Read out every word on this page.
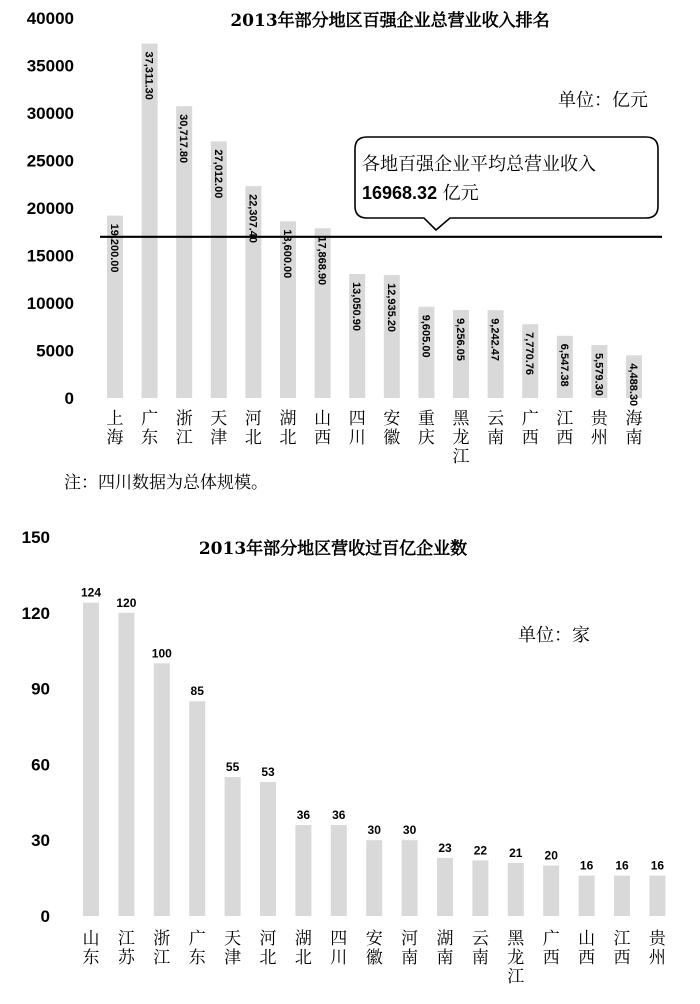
2013年部分地区百强企业总营业收入排名
0
5000
10000
15000
20000
25000
30000
35000
40000
单位：亿元
19,200.00
上
海
37,311.30
广
东
30,717.80
浙
江
27,012.00
天
津
22,307.40
河
北
18,600.00
湖
北
17,868.90
山
西
13,050.90
四
川
12,935.20
安
徽
9,605.00
重
庆
9,256.05
黑
龙
江
9,242.47
云
南
7,770.76
广
西
6,547.38
江
西
5,579.30
贵
州
4,488.30
海
南
各地百强企业平均总营业收入
16968.32 亿元
注：四川数据为总体规模。
2013年部分地区营收过百亿企业数
0
30
60
90
120
150
单位：家
124
山
东
120
江
苏
100
浙
江
85
广
东
55
天
津
53
河
北
36
湖
北
36
四
川
30
安
徽
30
河
南
23
湖
南
22
云
南
21
黑
龙
江
20
广
西
16
山
西
16
江
西
16
贵
州
